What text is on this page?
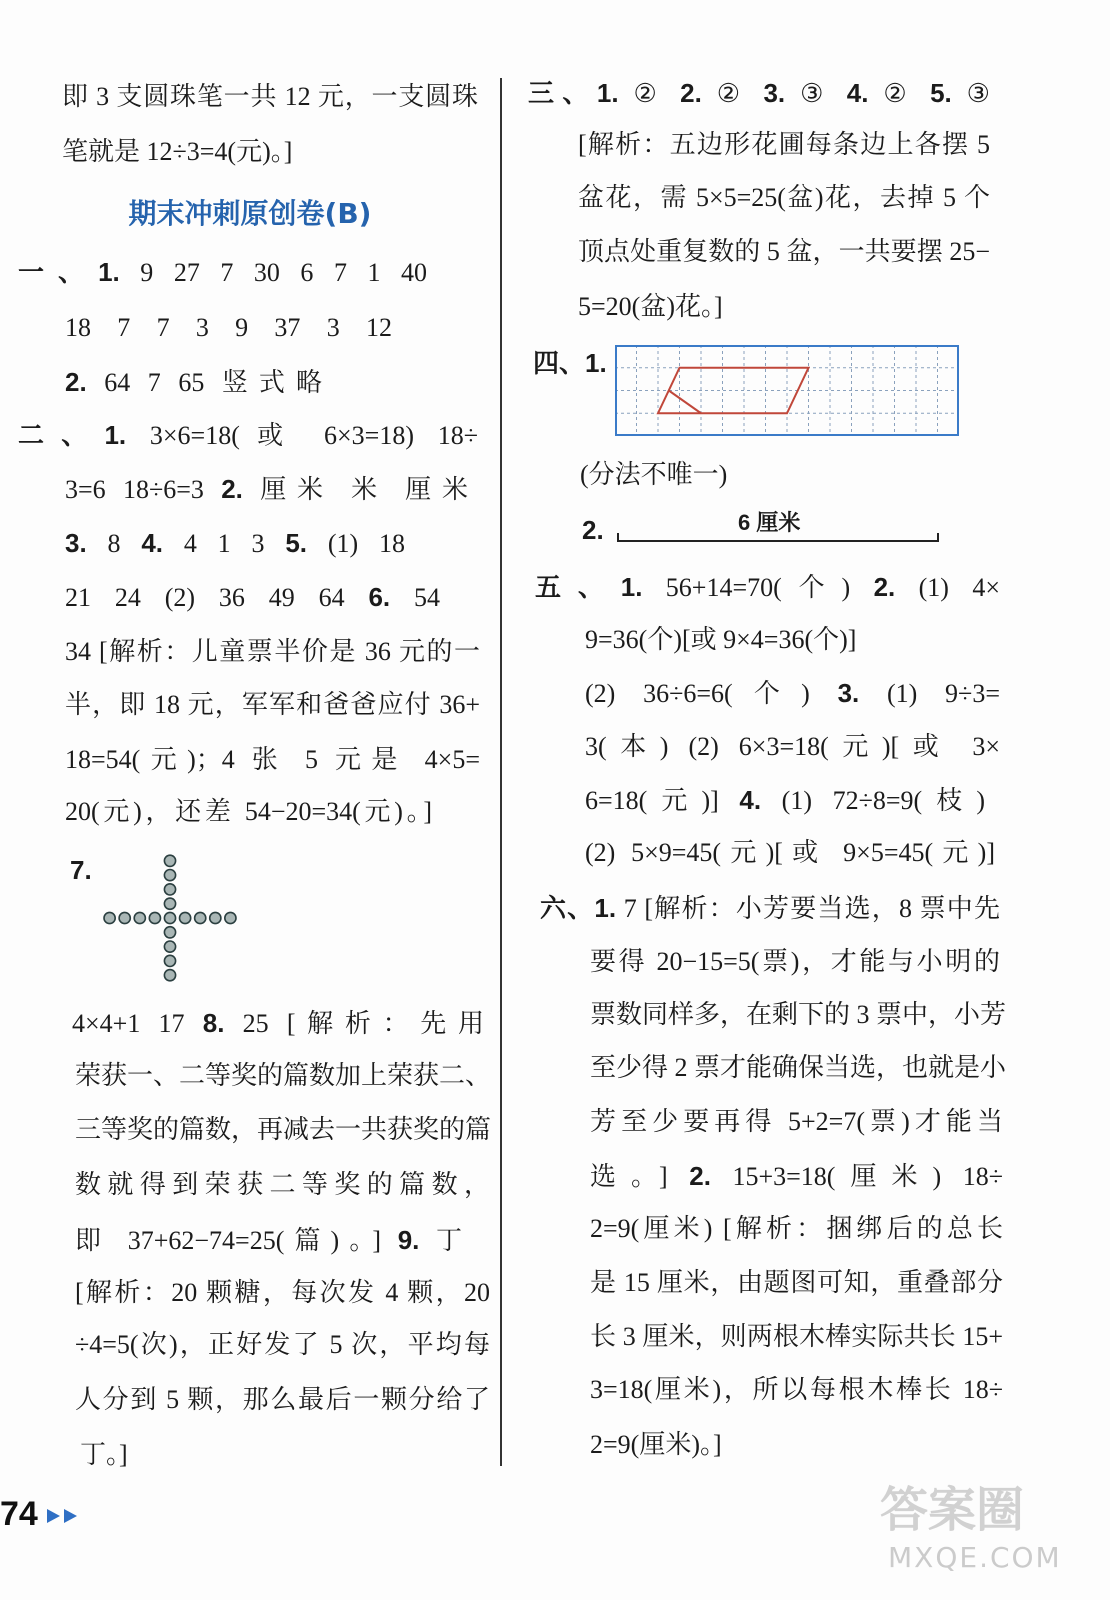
即 3 支圆珠笔一共 12 元，一支圆珠
笔就是 12÷3=4(元)。]
期末冲刺原创卷(B)
一、1. 9 27 7 30 6 7 1 40
18 7 7 3 9 37 3 12
2. 64 7 65 竖式略
二、1. 3×6=18(或 6×3=18) 18÷
3=6 18÷6=3 2. 厘米 米 厘米
3. 8 4. 4 1 3 5. (1) 18
21 24 (2) 36 49 64 6. 54
34 [解析：儿童票半价是 36 元的一
半，即 18 元，军军和爸爸应付 36+
18=54(元)；4 张 5 元是 4×5=
20(元)，还差 54−20=34(元)。]
7.
4×4+1 17 8. 25 [解析：先用
荣获一、二等奖的篇数加上荣获二、
三等奖的篇数，再减去一共获奖的篇
数就得到荣获二等奖的篇数，
即 37+62−74=25(篇)。] 9. 丁
[解析：20 颗糖，每次发 4 颗，20
÷4=5(次)，正好发了 5 次，平均每
人分到 5 颗，那么最后一颗分给了
丁。]
三、1. ② 2. ② 3. ③ 4. ② 5. ③
[解析：五边形花圃每条边上各摆 5
盆花，需 5×5=25(盆)花，去掉 5 个
顶点处重复数的 5 盆，一共要摆 25−
5=20(盆)花。]
四、1.
(分法不唯一)
2.	6 厘米
五、1. 56+14=70(个) 2. (1) 4×
9=36(个)[或 9×4=36(个)]
(2) 36÷6=6(个) 3. (1) 9÷3=
3(本) (2) 6×3=18(元)[或 3×
6=18(元)] 4. (1) 72÷8=9(枝)
(2) 5×9=45(元)[或 9×5=45(元)]
六、1. 7 [解析：小芳要当选，8 票中先
要得 20−15=5(票)，才能与小明的
票数同样多，在剩下的 3 票中，小芳
至少得 2 票才能确保当选，也就是小
芳至少要再得 5+2=7(票)才能当
选。] 2. 15+3=18(厘米) 18÷
2=9(厘米) [解析：捆绑后的总长
是 15 厘米，由题图可知，重叠部分
长 3 厘米，则两根木棒实际共长 15+
3=18(厘米)，所以每根木棒长 18÷
2=9(厘米)。]
74	答案圈
MXQE.COM
